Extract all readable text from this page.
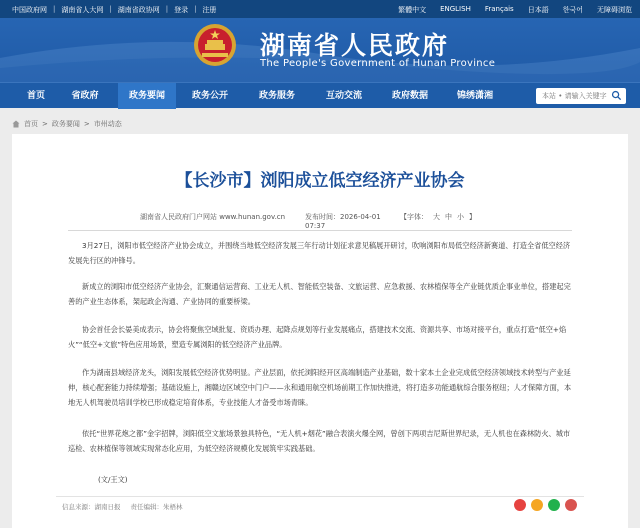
中国政府网 | 湖南省人大网 | 湖南省政协网 | 登录 | 注册	繁體中文 ENGLISH Français 日本語 한국어 无障碍浏览
湖南省人民政府
The People's Government of Hunan Province
首页	省政府	政务要闻	政务公开	政务服务	互动交流	政府数据	锦绣潇湘	本站 • 请输入关键字
首页 > 政务要闻 > 市州动态
【长沙市】浏阳成立低空经济产业协会
湖南省人民政府门户网站 www.hunan.gov.cn	发布时间：2026-04-01 07:37
【字体： 大 中 小 】
3月27日，浏阳市低空经济产业协会成立，并围绕当地低空经济发展三年行动计划征求意见稿展开研讨，吹响浏阳布局低空经济新赛道、打造全省低空经济发展先行区的冲锋号。
新成立的浏阳市低空经济产业协会，汇聚通信运营商、工业无人机、智能低空装备、文旅运营、应急救援、农林植保等全产业链优质企事业单位，搭建起完善的产业生态体系，架起政企沟通、产业协同的重要桥梁。
协会首任会长晏美成表示，协会将聚焦空域批复、资质办理、起降点规划等行业发展痛点，搭建技术交流、资源共享、市场对接平台，重点打造“低空+焰火”“低空+文旅”特色应用场景，塑造专属浏阳的低空经济产业品牌。
作为湖南县域经济龙头，浏阳发展低空经济优势明显。产业层面，依托浏阳经开区高端制造产业基础，数十家本土企业完成低空经济领域技术转型与产业延伸，核心配套能力持续增强；基础设施上，湘赣边区域空中门户——永和通用航空机场前期工作加快推进，将打造多功能通航综合服务枢纽；人才保障方面，本地无人机驾驶员培训学校已形成稳定培育体系，专业技能人才备受市场青睐。
依托“世界花炮之都”金字招牌，浏阳低空文旅场景独具特色，“无人机+烟花”融合表演火爆全网，曾创下两项吉尼斯世界纪录，无人机也在森林防火、城市巡检、农林植保等领域实现常态化应用，为低空经济规模化发展筑牢实践基础。
(文/王文)
信息来源：湖南日报 责任编辑：朱梧林
